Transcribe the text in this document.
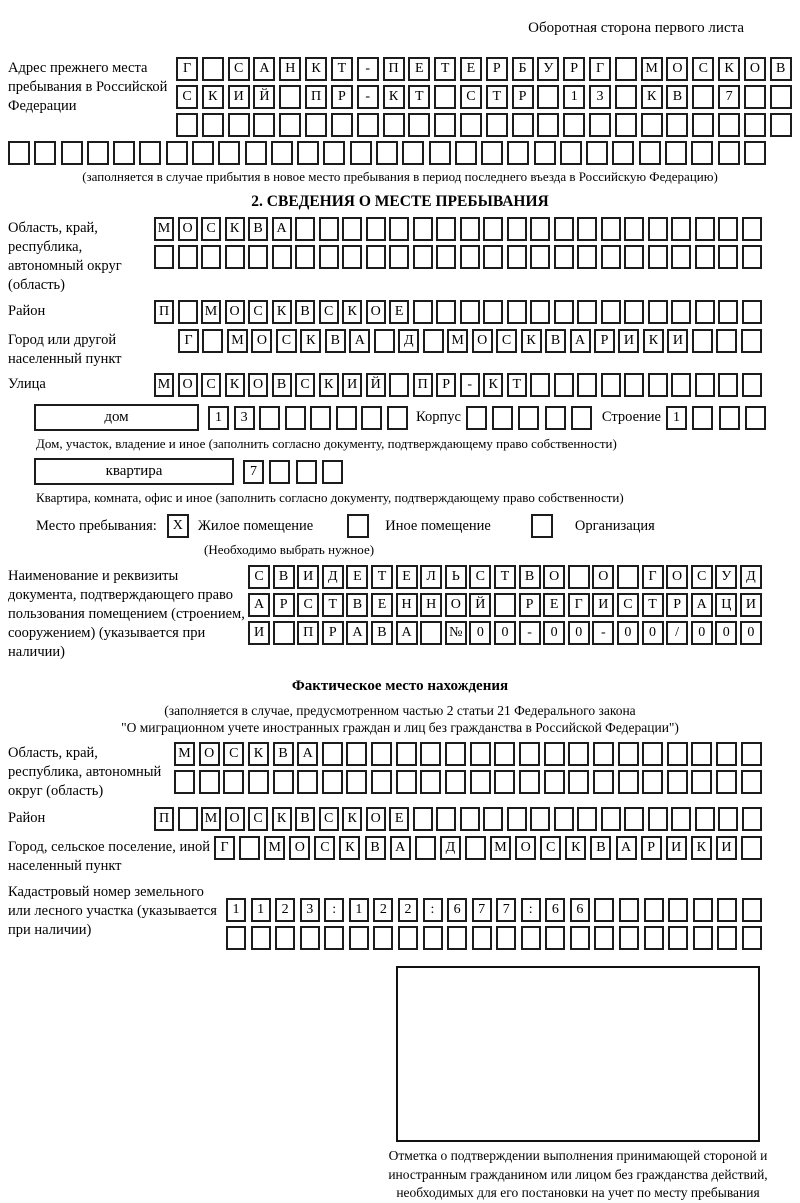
Оборотная сторона первого листа
Адрес прежнего места пребывания в Российской Федерации
Г	С	А	Н	К	Т	-	П	Е	Т	Е	Р	Б	У	Р	Г	М	О	С	К	О	В
С	К	И	Й	П	Р	-	К	Т	С	Т	Р	1	3	К	В	7
(заполняется в случае прибытия в новое место пребывания в период последнего въезда в Российскую Федерацию)
2. СВЕДЕНИЯ О МЕСТЕ ПРЕБЫВАНИЯ
Область, край, республика, автономный округ (область)
М О С	К	В А
Район	П	М О С	К	В	С	К О	Е
Город или другой населенный пункт
Г	М О	С	К	В	А	Д	М О	С	К	В	А	Р	И	К	И
Улица	М О С	К О В	С	К И Й	П	Р	-	К	Т
дом	1	3	Корпус	Строение 1
Дом, участок, владение и иное (заполнить согласно документу, подтверждающему право собственности)
квартира	7
Квартира, комната, офис и иное (заполнить согласно документу, подтверждающему право собственности)
Место пребывания:	X	Жилое помещение	Иное помещение	Организация
(Необходимо выбрать нужное)
Наименование и реквизиты документа, подтверждающего право пользования помещением (строением, сооружением) (указывается при наличии)
С	В	И	Д	Е	Т	Е	Л	Ь	С	Т	В	О	О	Г	О	С	У	Д
А	Р	С	Т	В	Е	Н	Н	О	Й	Р	Е	Г	И	С	Т	Р	А	Ц	И
И	П	Р	А	В	А	№	0	0	-	0	0	-	0	0	/	0	0	0
Фактическое место нахождения
(заполняется в случае, предусмотренном частью 2 статьи 21 Федерального закона
"О миграционном учете иностранных граждан и лиц без гражданства в Российской Федерации")
Область, край, республика, автономный округ (область)
М О	С	К	В	А
Район	П	М О С	К	В	С	К О	Е
Город, сельское поселение, иной населенный пункт
Г	М О	С	К	В	А	Д	М О	С	К	В	А	Р	И	К	И
Кадастровый номер земельного или лесного участка (указывается при наличии)
1	1	2	3	:	1	2	2	:	6	7	7	:	6	6
Отметка о подтверждении выполнения принимающей стороной и иностранным гражданином или лицом без гражданства действий, необходимых для его постановки на учет по месту пребывания
